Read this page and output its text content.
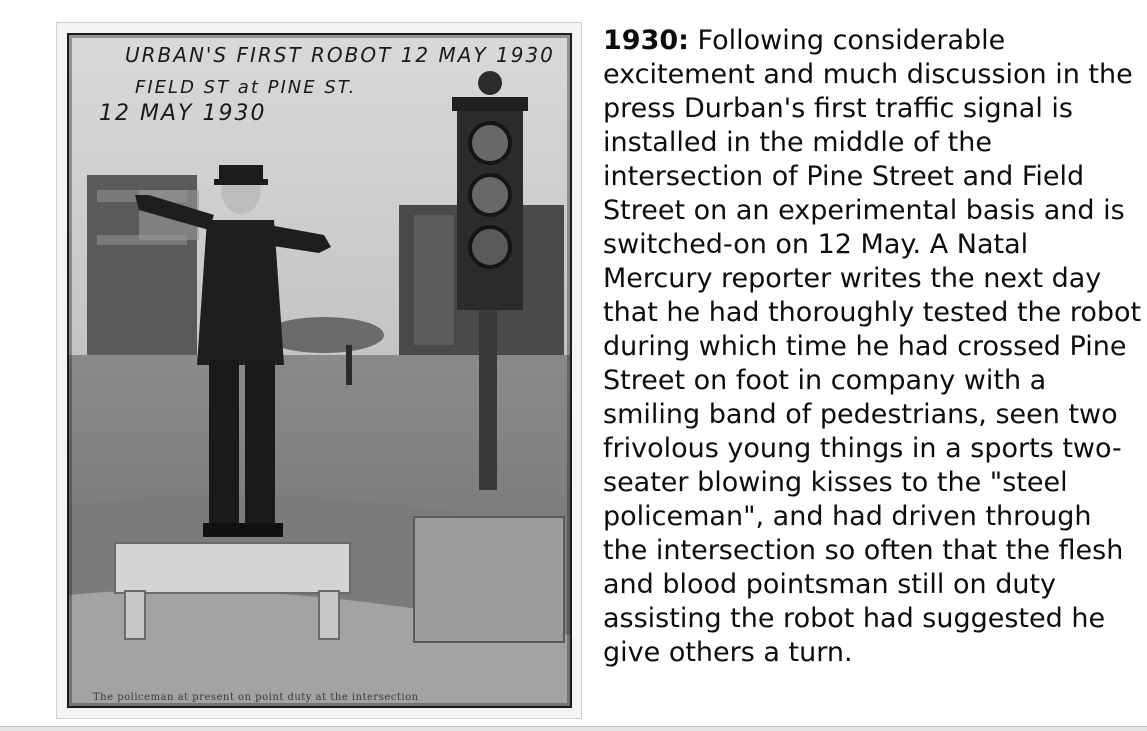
URBAN'S FIRST ROBOT 12 MAY 1930
FIELD ST at PINE ST.
12 MAY 1930
The policeman at present on point duty at the intersection
1930: Following considerable excitement and much discussion in the press Durban's first traffic signal is installed in the middle of the intersection of Pine Street and Field Street on an experimental basis and is switched-on on 12 May. A Natal Mercury reporter writes the next day that he had thoroughly tested the robot during which time he had crossed Pine Street on foot in company with a smiling band of pedestrians, seen two frivolous young things in a sports two-seater blowing kisses to the "steel policeman", and had driven through the intersection so often that the flesh and blood pointsman still on duty assisting the robot had suggested he give others a turn.
